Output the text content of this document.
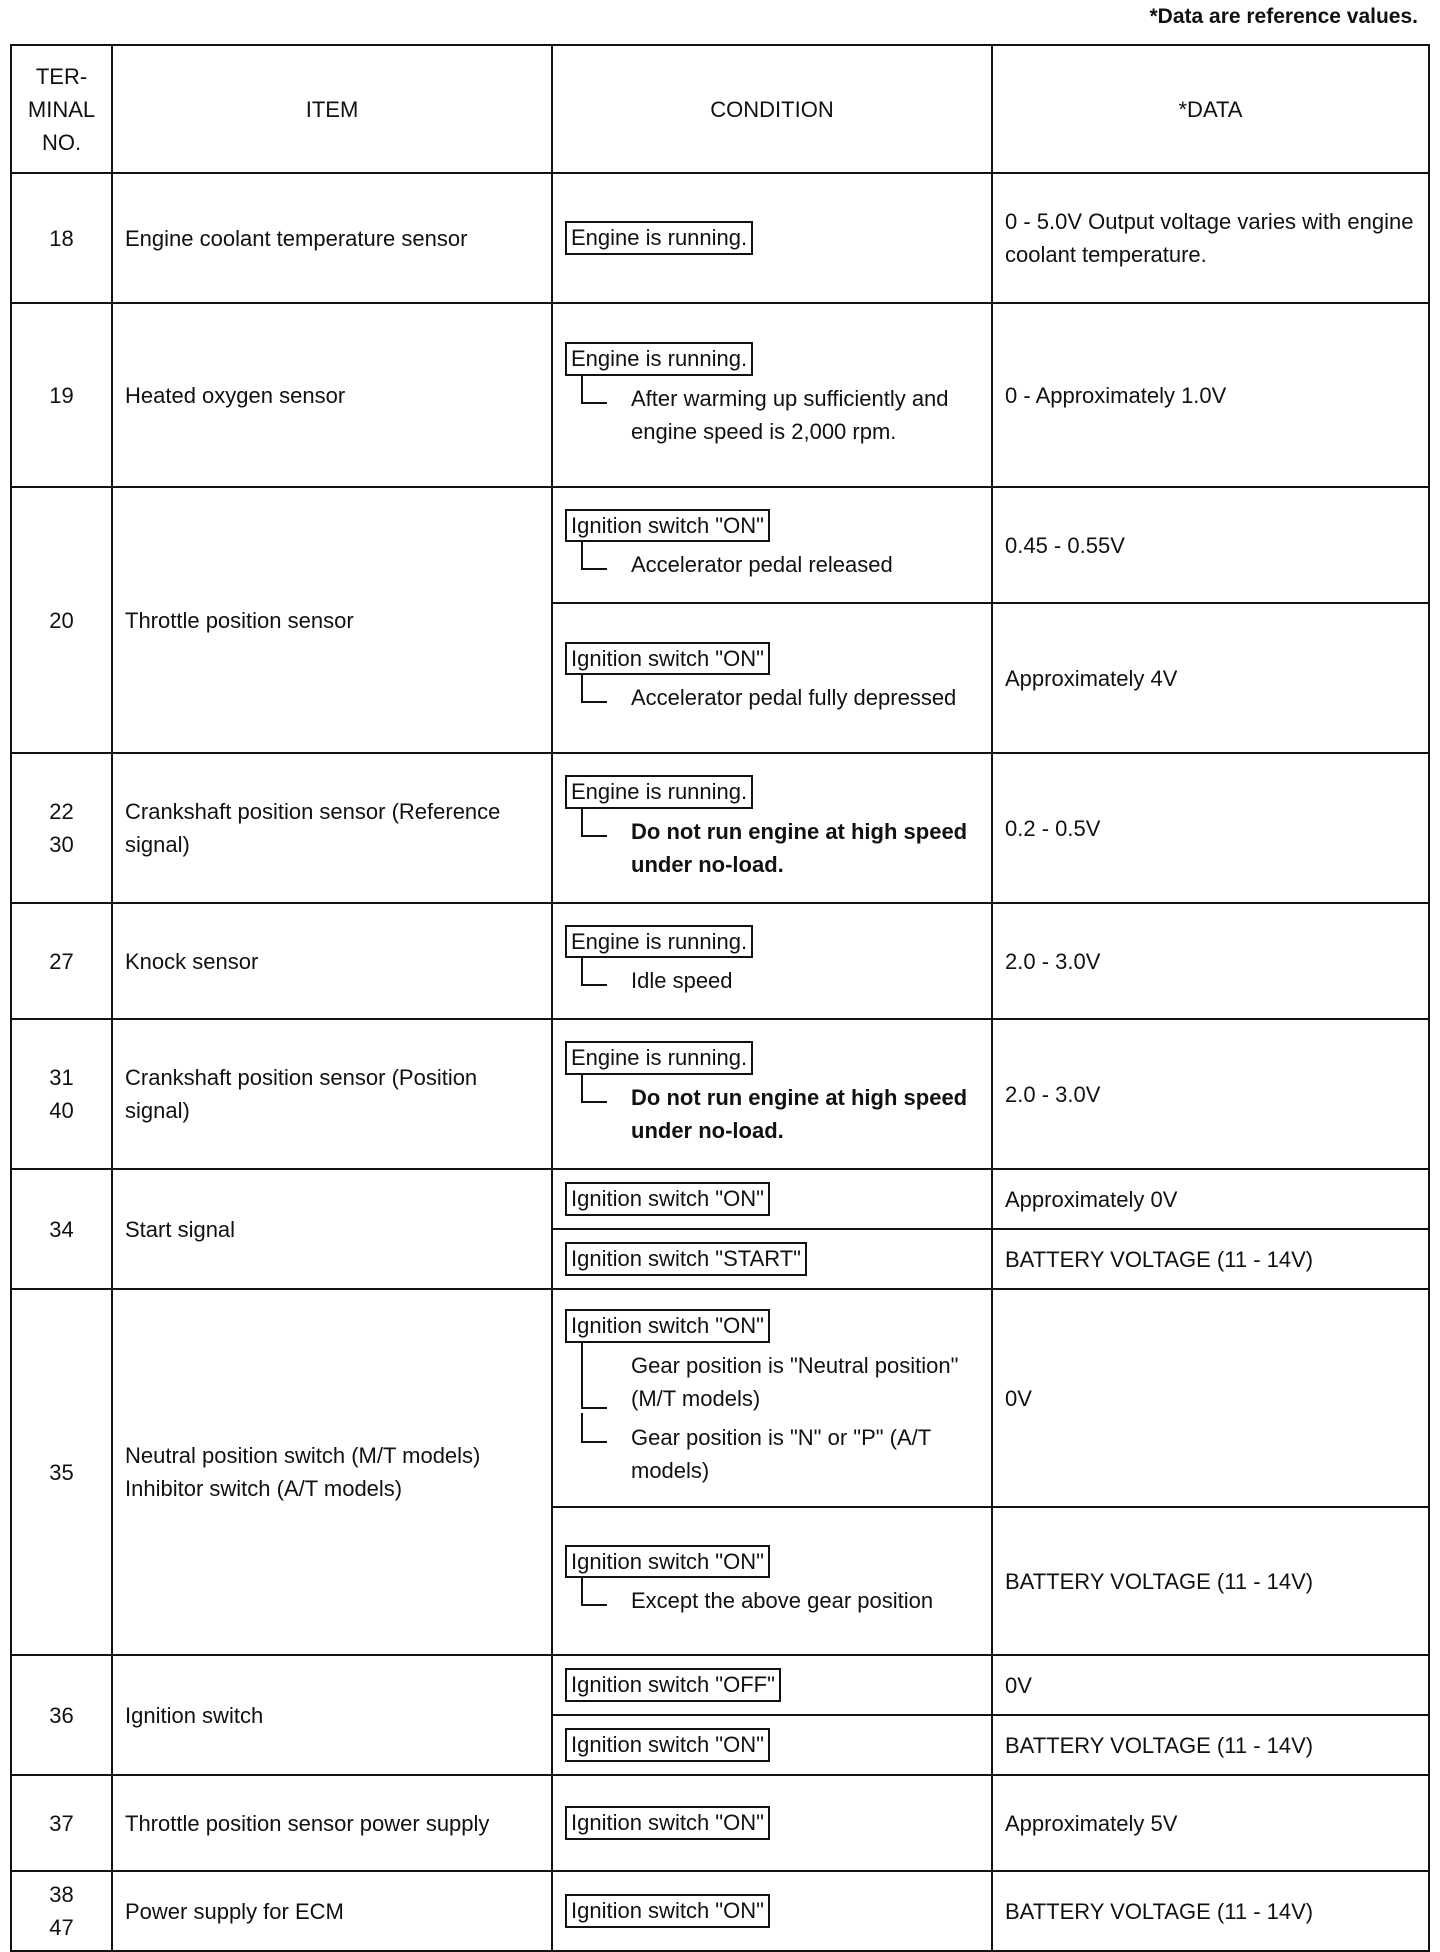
*Data are reference values.
TER- MINAL NO.	ITEM	CONDITION	*DATA

18	Engine coolant temperature sensor	Engine is running.	0 - 5.0V Output voltage varies with engine coolant temperature.

19	Heated oxygen sensor	Engine is running.
After warming up sufficiently and engine speed is 2,000 rpm.	0 - Approximately 1.0V

20	Throttle position sensor	Ignition switch "ON"
Accelerator pedal released	0.45 - 0.55V
		Ignition switch "ON"
Accelerator pedal fully depressed	Approximately 4V

22
30	Crankshaft position sensor (Reference signal)	Engine is running.
Do not run engine at high speed under no-load.	0.2 - 0.5V

27	Knock sensor	Engine is running.
Idle speed	2.0 - 3.0V

31
40	Crankshaft position sensor (Position signal)	Engine is running.
Do not run engine at high speed under no-load.	2.0 - 3.0V

34	Start signal	Ignition switch "ON"	Approximately 0V
		Ignition switch "START"	BATTERY VOLTAGE (11 - 14V)

35	Neutral position switch (M/T models) Inhibitor switch (A/T models)	Ignition switch "ON"
Gear position is "Neutral position" (M/T models)
Gear position is "N" or "P" (A/T models)	0V
		Ignition switch "ON"
Except the above gear position	BATTERY VOLTAGE (11 - 14V)

36	Ignition switch	Ignition switch "OFF"	0V
		Ignition switch "ON"	BATTERY VOLTAGE (11 - 14V)

37	Throttle position sensor power supply	Ignition switch "ON"	Approximately 5V

38
47	Power supply for ECM	Ignition switch "ON"	BATTERY VOLTAGE (11 - 14V)
